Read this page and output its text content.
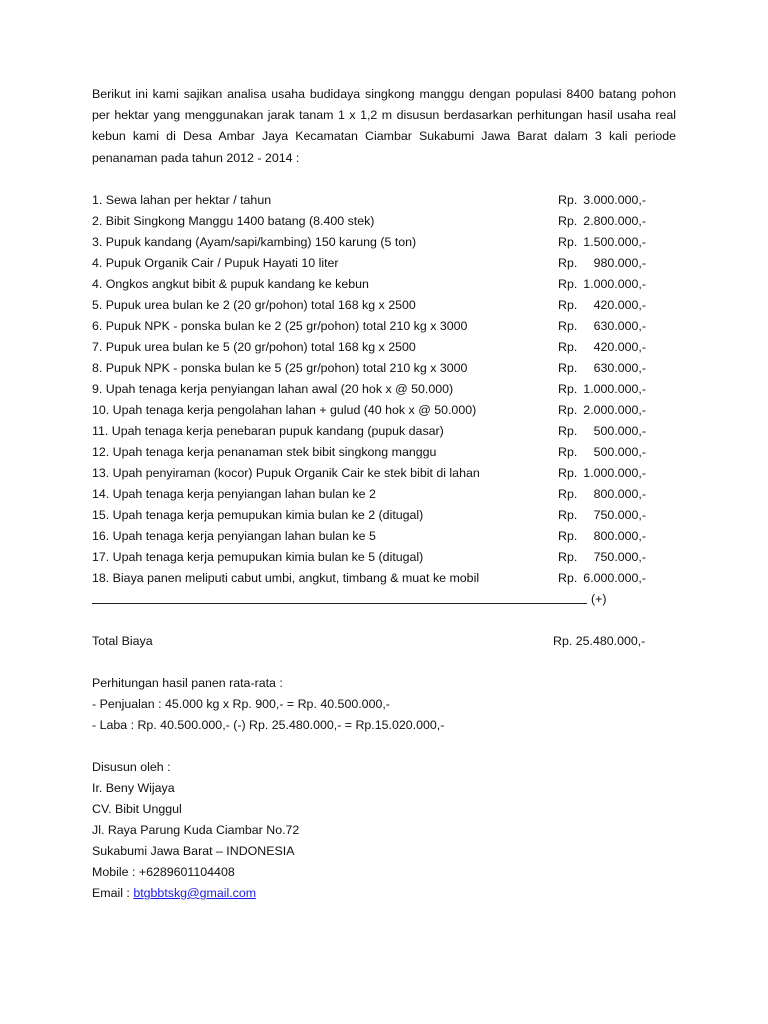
Berikut ini kami sajikan analisa usaha budidaya singkong manggu dengan populasi 8400 batang pohon per hektar yang menggunakan jarak tanam 1 x 1,2 m disusun berdasarkan perhitungan hasil usaha real kebun kami di Desa Ambar Jaya Kecamatan Ciambar Sukabumi Jawa Barat dalam 3 kali periode penanaman pada tahun 2012 - 2014 :

1. Sewa lahan per hektar / tahun	Rp. 3.000.000,-
2. Bibit Singkong Manggu 1400 batang (8.400 stek)	Rp. 2.800.000,-
3. Pupuk kandang (Ayam/sapi/kambing) 150 karung (5 ton)	Rp. 1.500.000,-
4. Pupuk Organik Cair / Pupuk Hayati 10 liter	Rp.	980.000,-
4. Ongkos angkut bibit & pupuk kandang ke kebun	Rp. 1.000.000,-
5. Pupuk urea bulan ke 2 (20 gr/pohon) total 168 kg x 2500	Rp.	420.000,-
6. Pupuk NPK - ponska bulan ke 2 (25 gr/pohon) total 210 kg x 3000	Rp.	630.000,-
7. Pupuk urea bulan ke 5 (20 gr/pohon) total 168 kg x 2500	Rp.	420.000,-
8. Pupuk NPK - ponska bulan ke 5 (25 gr/pohon) total 210 kg x 3000	Rp.	630.000,-
9. Upah tenaga kerja penyiangan lahan awal (20 hok x @ 50.000)	Rp. 1.000.000,-
10. Upah tenaga kerja pengolahan lahan + gulud (40 hok x @ 50.000)	Rp. 2.000.000,-
11. Upah tenaga kerja penebaran pupuk kandang (pupuk dasar)	Rp.	500.000,-
12. Upah tenaga kerja penanaman stek bibit singkong manggu	Rp.	500.000,-
13. Upah penyiraman (kocor) Pupuk Organik Cair ke stek bibit di lahan	Rp. 1.000.000,-
14. Upah tenaga kerja penyiangan lahan bulan ke 2	Rp.	800.000,-
15. Upah tenaga kerja pemupukan kimia bulan ke 2 (ditugal)	Rp.	750.000,-
16. Upah tenaga kerja penyiangan lahan bulan ke 5	Rp.	800.000,-
17. Upah tenaga kerja pemupukan kimia bulan ke 5 (ditugal)	Rp.	750.000,-
18. Biaya panen meliputi cabut umbi, angkut, timbang & muat ke mobil	Rp. 6.000.000,-
(+)
Total Biaya	Rp. 25.480.000,-
Perhitungan hasil panen rata-rata :
- Penjualan : 45.000 kg x Rp. 900,- = Rp. 40.500.000,-
- Laba : Rp. 40.500.000,- (-) Rp. 25.480.000,- = Rp.15.020.000,-
Disusun oleh :
Ir. Beny Wijaya
CV. Bibit Unggul
Jl. Raya Parung Kuda Ciambar No.72
Sukabumi Jawa Barat – INDONESIA
Mobile : +6289601104408
Email : btgbbtskg@gmail.com
